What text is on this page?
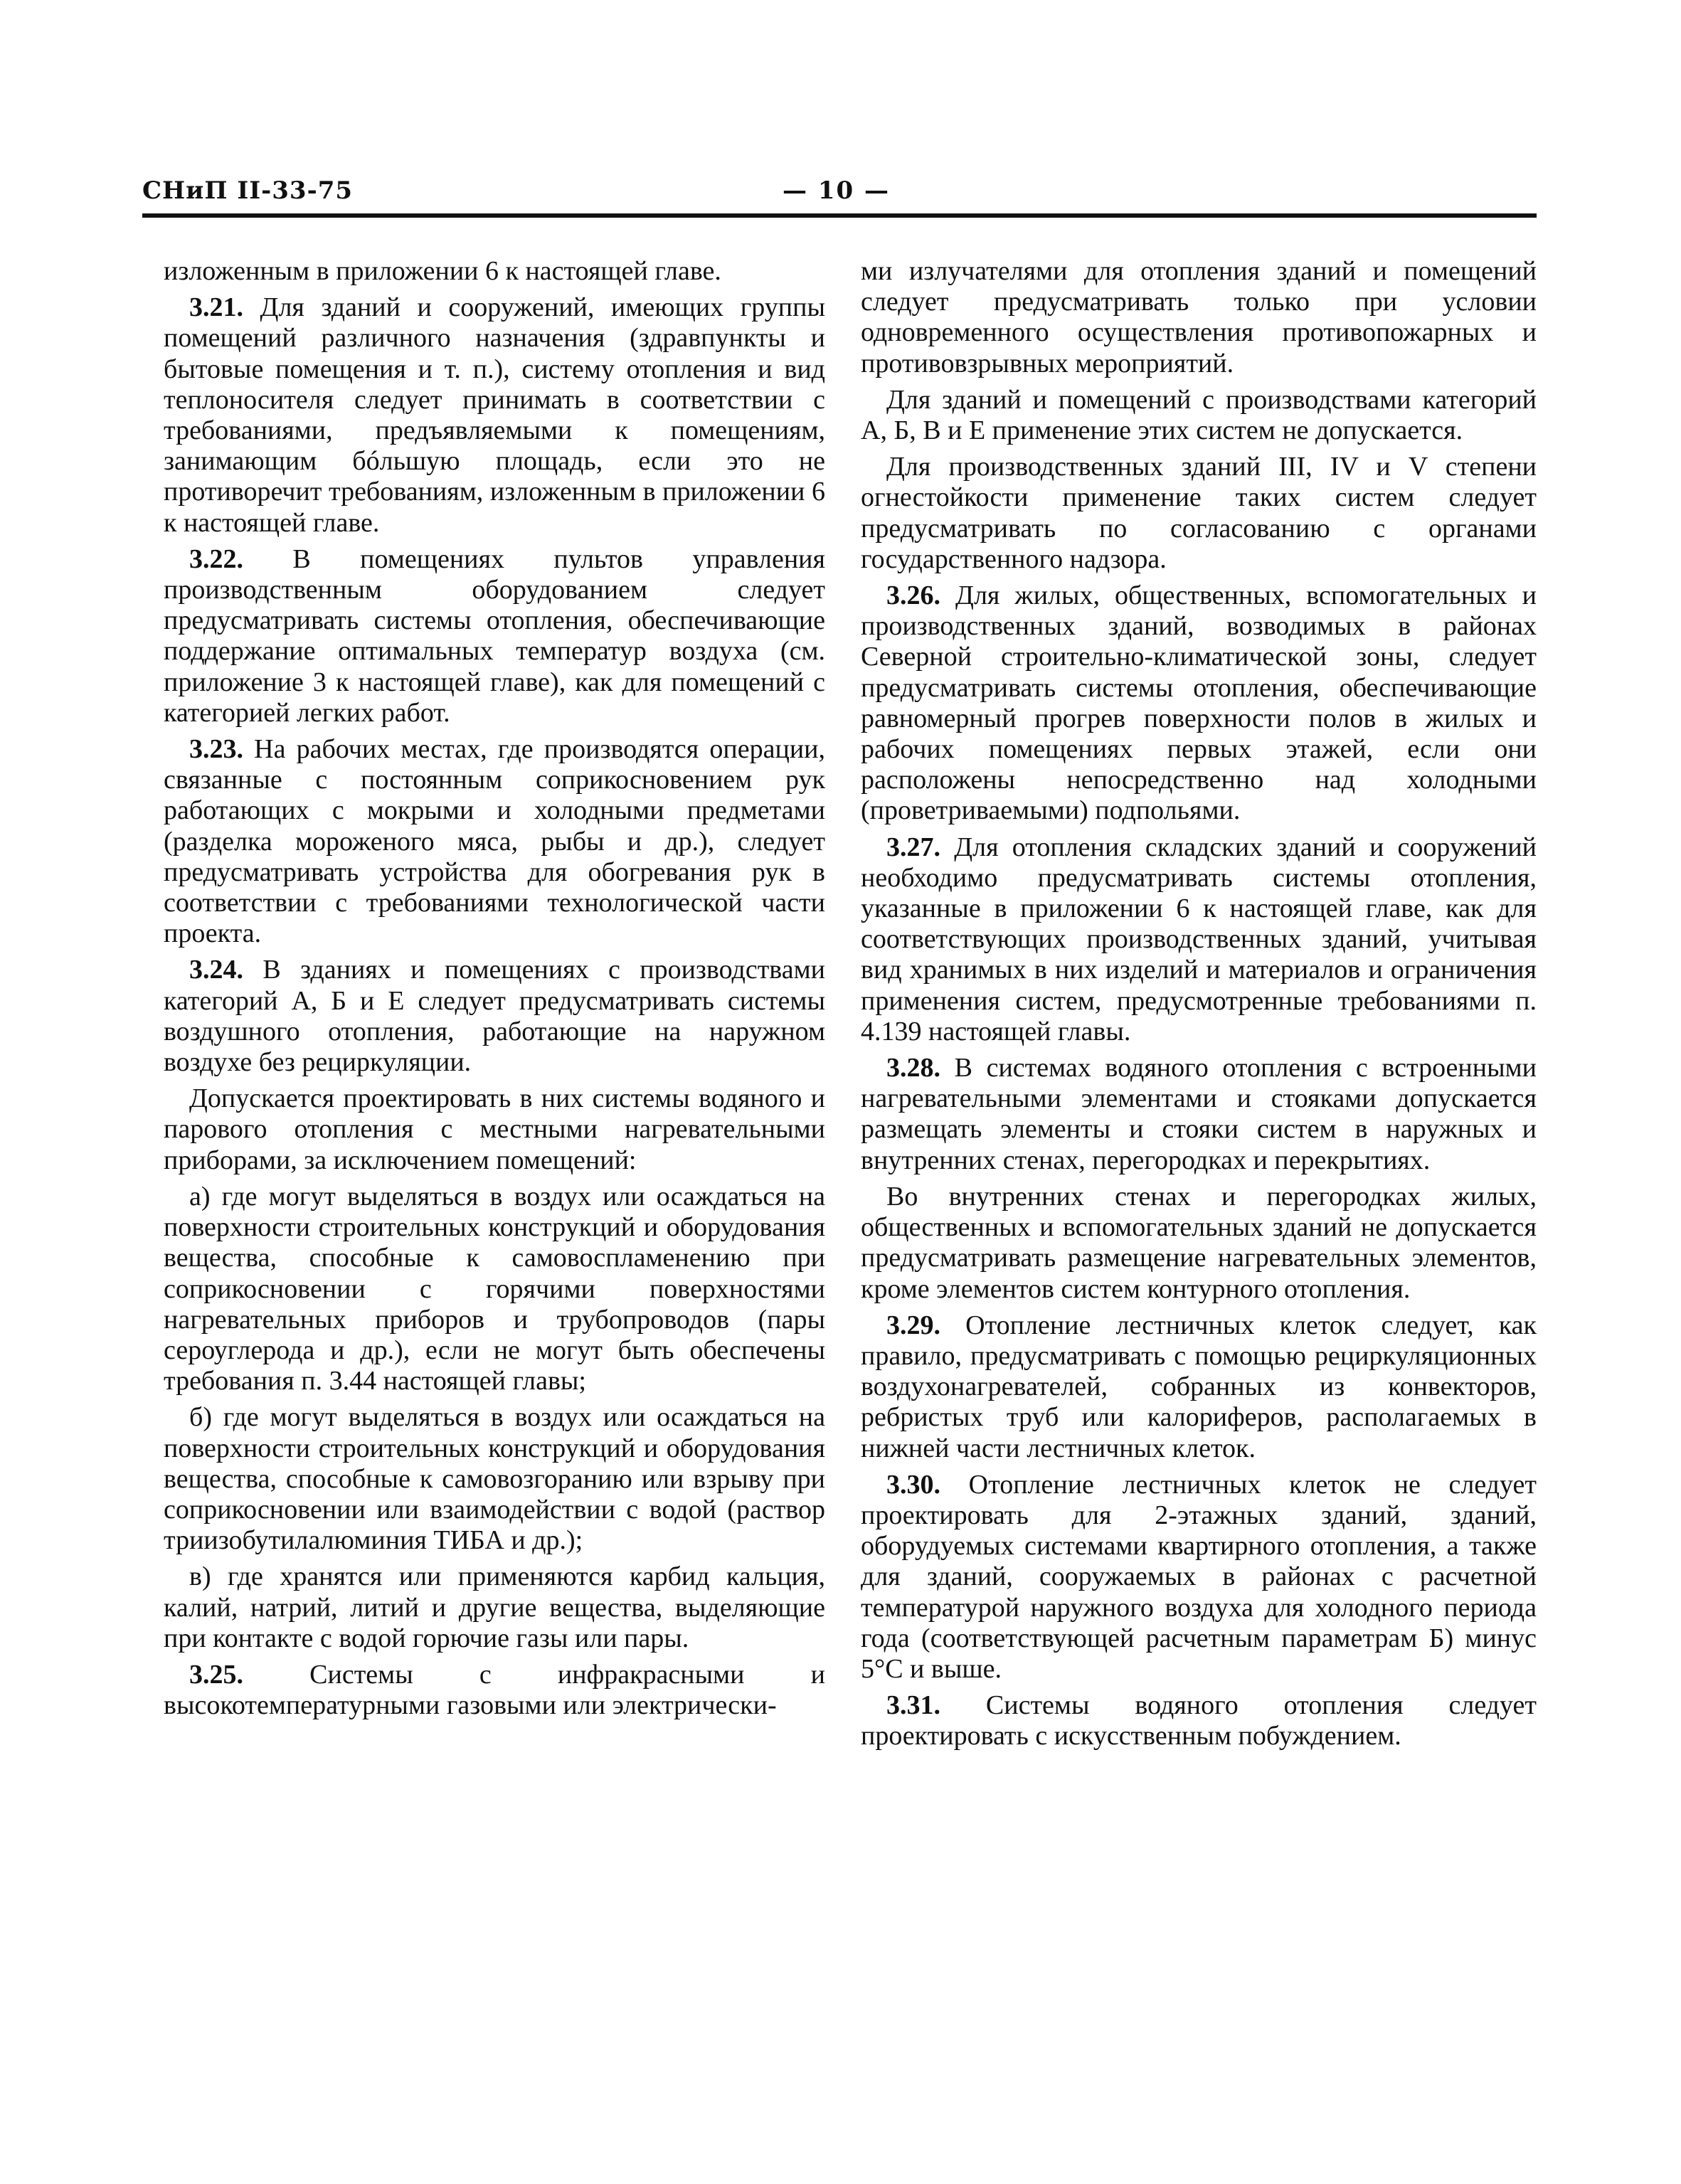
СНиП II-33-75	— 10 —

изложенным в приложении 6 к настоящей главе.

3.21. Для зданий и сооружений, имеющих группы помещений различного назначения (здравпункты и бытовые помещения и т. п.), систему отопления и вид теплоносителя следует принимать в соответствии с требованиями, предъявляемыми к помещениям, занимающим бóльшую площадь, если это не противоречит требованиям, изложенным в приложении 6 к настоящей главе.

3.22. В помещениях пультов управления производственным оборудованием следует предусматривать системы отопления, обеспечивающие поддержание оптимальных температур воздуха (см. приложение 3 к настоящей главе), как для помещений с категорией легких работ.

3.23. На рабочих местах, где производятся операции, связанные с постоянным соприкосновением рук работающих с мокрыми и холодными предметами (разделка мороженого мяса, рыбы и др.), следует предусматривать устройства для обогревания рук в соответствии с требованиями технологической части проекта.

3.24. В зданиях и помещениях с производствами категорий А, Б и Е следует предусматривать системы воздушного отопления, работающие на наружном воздухе без рециркуляции.

Допускается проектировать в них системы водяного и парового отопления с местными нагревательными приборами, за исключением помещений:

а) где могут выделяться в воздух или осаждаться на поверхности строительных конструкций и оборудования вещества, способные к самовоспламенению при соприкосновении с горячими поверхностями нагревательных приборов и трубопроводов (пары сероуглерода и др.), если не могут быть обеспечены требования п. 3.44 настоящей главы;

б) где могут выделяться в воздух или осаждаться на поверхности строительных конструкций и оборудования вещества, способные к самовозгоранию или взрыву при соприкосновении или взаимодействии с водой (раствор триизобутилалюминия ТИБА и др.);

в) где хранятся или применяются карбид кальция, калий, натрий, литий и другие вещества, выделяющие при контакте с водой горючие газы или пары.

3.25. Системы с инфракрасными и высокотемпературными газовыми или электрически-

ми излучателями для отопления зданий и помещений следует предусматривать только при условии одновременного осуществления противопожарных и противовзрывных мероприятий.

Для зданий и помещений с производствами категорий А, Б, В и Е применение этих систем не допускается.

Для производственных зданий III, IV и V степени огнестойкости применение таких систем следует предусматривать по согласованию с органами государственного надзора.

3.26. Для жилых, общественных, вспомогательных и производственных зданий, возводимых в районах Северной строительно-климатической зоны, следует предусматривать системы отопления, обеспечивающие равномерный прогрев поверхности полов в жилых и рабочих помещениях первых этажей, если они расположены непосредственно над холодными (проветриваемыми) подпольями.

3.27. Для отопления складских зданий и сооружений необходимо предусматривать системы отопления, указанные в приложении 6 к настоящей главе, как для соответствующих производственных зданий, учитывая вид хранимых в них изделий и материалов и ограничения применения систем, предусмотренные требованиями п. 4.139 настоящей главы.

3.28. В системах водяного отопления с встроенными нагревательными элементами и стояками допускается размещать элементы и стояки систем в наружных и внутренних стенах, перегородках и перекрытиях.

Во внутренних стенах и перегородках жилых, общественных и вспомогательных зданий не допускается предусматривать размещение нагревательных элементов, кроме элементов систем контурного отопления.

3.29. Отопление лестничных клеток следует, как правило, предусматривать с помощью рециркуляционных воздухонагревателей, собранных из конвекторов, ребристых труб или калориферов, располагаемых в нижней части лестничных клеток.

3.30. Отопление лестничных клеток не следует проектировать для 2-этажных зданий, зданий, оборудуемых системами квартирного отопления, а также для зданий, сооружаемых в районах с расчетной температурой наружного воздуха для холодного периода года (соответствующей расчетным параметрам Б) минус 5°С и выше.

3.31. Системы водяного отопления следует проектировать с искусственным побуждением.
